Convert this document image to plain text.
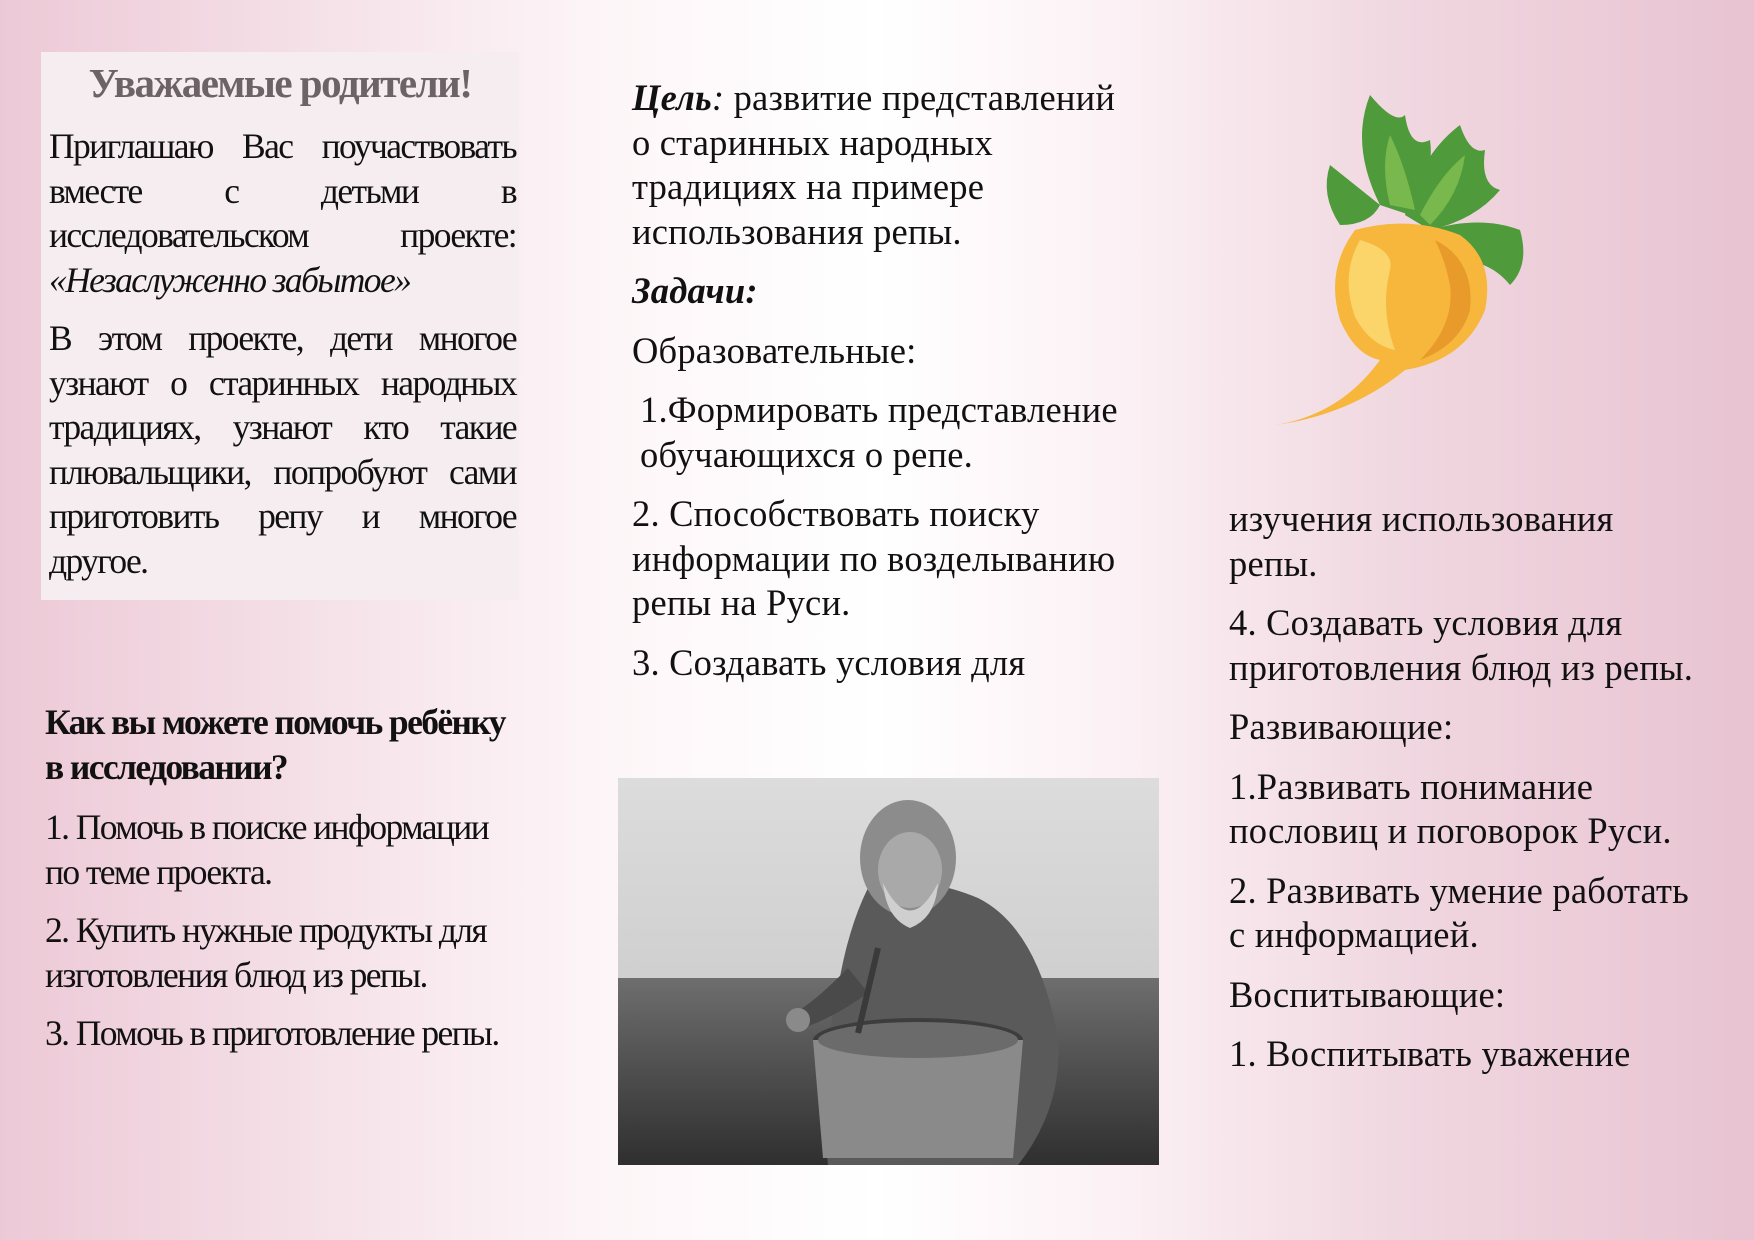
Уважаемые родители!

Приглашаю Вас поучаствовать вместе с детьми в исследовательском проекте: «Незаслуженно забытое»

В этом проекте, дети многое узнают о старинных народных традициях, узнают кто такие плювальщики, попробуют сами приготовить репу и многое другое.

Как вы можете помочь ребёнку в исследовании?

1. Помочь в поиске информации по теме проекта.

2. Купить нужные продукты для изготовления блюд из репы.

3. Помочь в приготовление репы.

Цель: развитие представлений о старинных народных традициях на примере использования репы.

Задачи:

Образовательные:

1.Формировать представление обучающихся о репе.

2. Способствовать поиску информации по возделыванию репы на Руси.

3. Создавать условия для

изучения использования репы.

4. Создавать условия для приготовления блюд из репы.

Развивающие:

1.Развивать понимание пословиц и поговорок Руси.

2. Развивать умение работать с информацией.

Воспитывающие:

1. Воспитывать уважение
